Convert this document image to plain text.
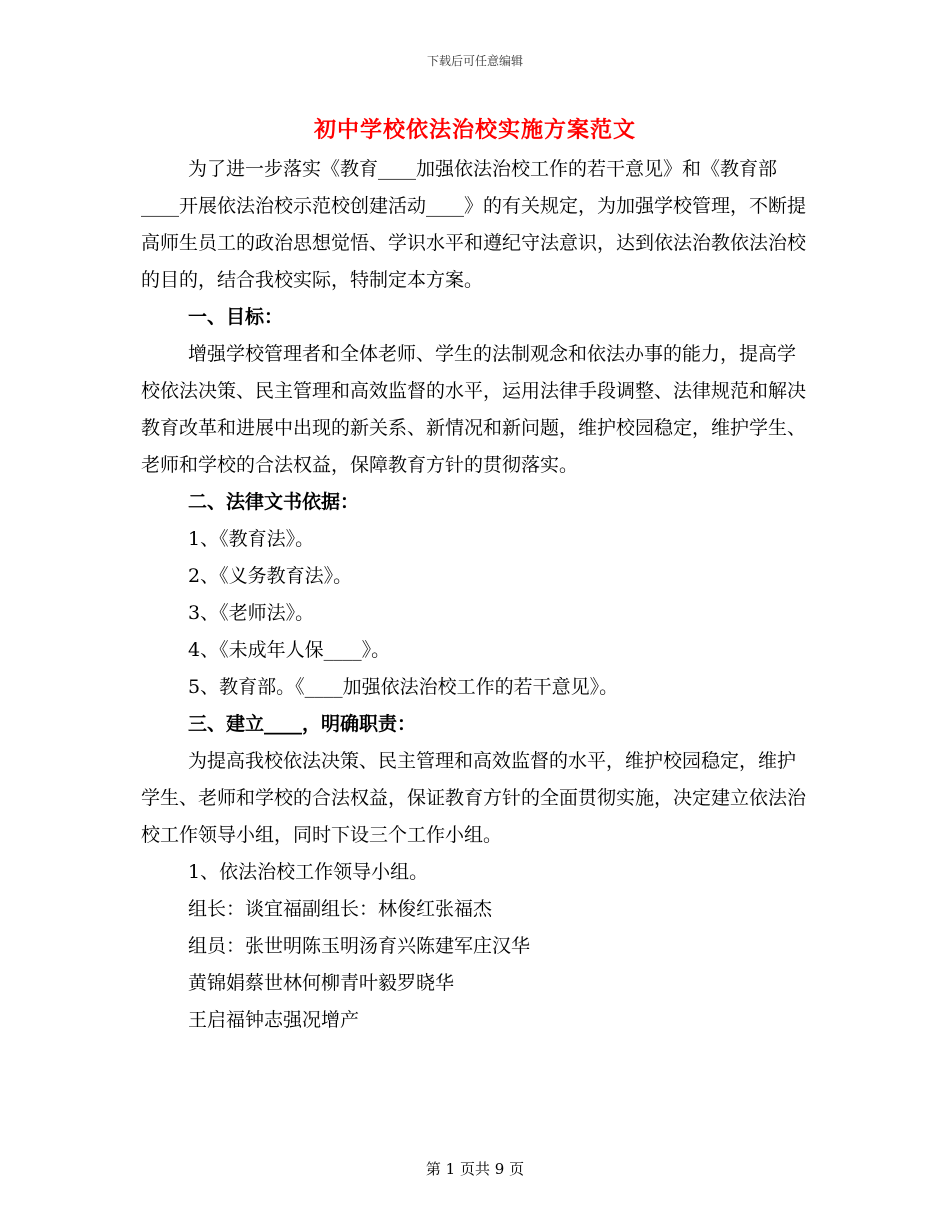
下载后可任意编辑
初中学校依法治校实施方案范文

为了进一步落实《教育____加强依法治校工作的若干意见》和《教育部____开展依法治校示范校创建活动____》的有关规定，为加强学校管理，不断提高师生员工的政治思想觉悟、学识水平和遵纪守法意识，达到依法治教依法治校的目的，结合我校实际，特制定本方案。

一、目标：

增强学校管理者和全体老师、学生的法制观念和依法办事的能力，提高学校依法决策、民主管理和高效监督的水平，运用法律手段调整、法律规范和解决教育改革和进展中出现的新关系、新情况和新问题，维护校园稳定，维护学生、老师和学校的合法权益，保障教育方针的贯彻落实。

二、法律文书依据：

1、《教育法》。

2、《义务教育法》。

3、《老师法》。

4、《未成年人保____》。

5、教育部。《____加强依法治校工作的若干意见》。

三、建立____，明确职责：

为提高我校依法决策、民主管理和高效监督的水平，维护校园稳定，维护学生、老师和学校的合法权益，保证教育方针的全面贯彻实施，决定建立依法治校工作领导小组，同时下设三个工作小组。

1、依法治校工作领导小组。

组长：谈宜福副组长：林俊红张福杰

组员：张世明陈玉明汤育兴陈建军庄汉华

黄锦娟蔡世林何柳青叶毅罗晓华

王启福钟志强况增产

第 1 页共 9 页
